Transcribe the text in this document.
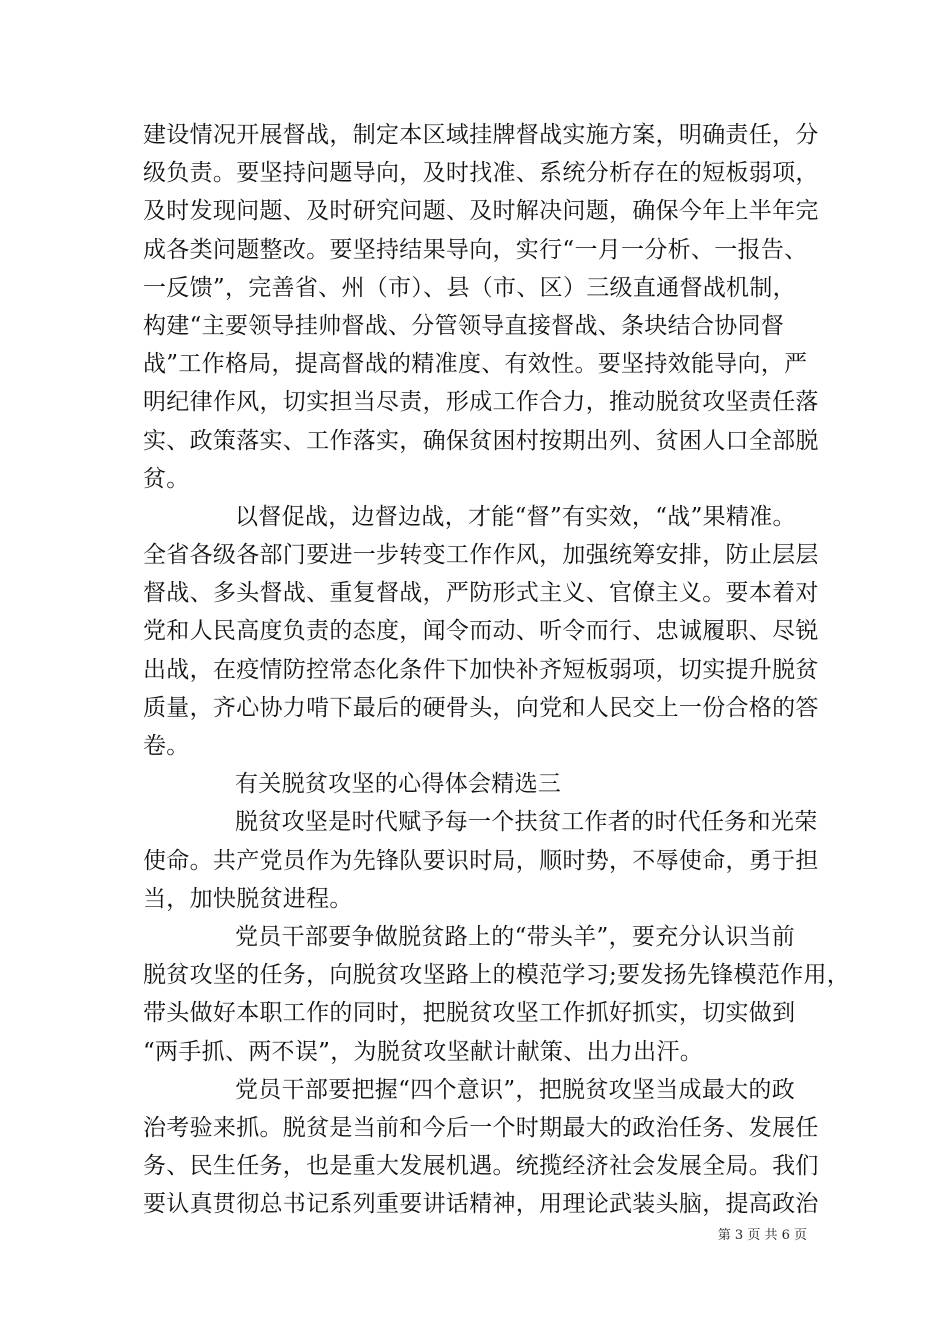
建设情况开展督战，制定本区域挂牌督战实施方案，明确责任，分
级负责。要坚持问题导向，及时找准、系统分析存在的短板弱项，
及时发现问题、及时研究问题、及时解决问题，确保今年上半年完
成各类问题整改。要坚持结果导向，实行“一月一分析、一报告、
一反馈”，完善省、州（市）、县（市、区）三级直通督战机制，
构建“主要领导挂帅督战、分管领导直接督战、条块结合协同督
战”工作格局，提高督战的精准度、有效性。要坚持效能导向，严
明纪律作风，切实担当尽责，形成工作合力，推动脱贫攻坚责任落
实、政策落实、工作落实，确保贫困村按期出列、贫困人口全部脱
贫。
以督促战，边督边战，才能“督”有实效，“战”果精准。
全省各级各部门要进一步转变工作作风，加强统筹安排，防止层层
督战、多头督战、重复督战，严防形式主义、官僚主义。要本着对
党和人民高度负责的态度，闻令而动、听令而行、忠诚履职、尽锐
出战，在疫情防控常态化条件下加快补齐短板弱项，切实提升脱贫
质量，齐心协力啃下最后的硬骨头，向党和人民交上一份合格的答
卷。
有关脱贫攻坚的心得体会精选三
脱贫攻坚是时代赋予每一个扶贫工作者的时代任务和光荣
使命。共产党员作为先锋队要识时局，顺时势，不辱使命，勇于担
当，加快脱贫进程。
党员干部要争做脱贫路上的“带头羊”，要充分认识当前
脱贫攻坚的任务，向脱贫攻坚路上的模范学习;要发扬先锋模范作用，
带头做好本职工作的同时，把脱贫攻坚工作抓好抓实，切实做到
“两手抓、两不误”，为脱贫攻坚献计献策、出力出汗。
党员干部要把握“四个意识”，把脱贫攻坚当成最大的政
治考验来抓。脱贫是当前和今后一个时期最大的政治任务、发展任
务、民生任务，也是重大发展机遇。统揽经济社会发展全局。我们
要认真贯彻总书记系列重要讲话精神，用理论武装头脑，提高政治
第 3 页 共 6 页
